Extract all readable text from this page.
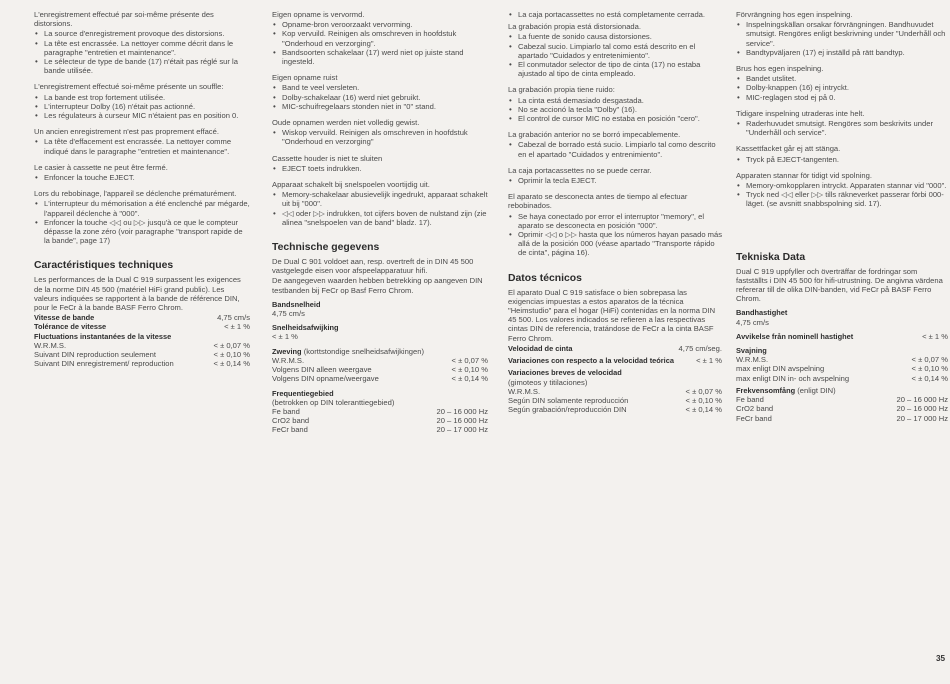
L'enregistrement effectué par soi-même présente des distorsions.

• La source d'enregistrement provoque des distorsions.

• La tête est encrassée. La nettoyer comme décrit dans le paragraphe "entretien et maintenance".

• Le sélecteur de type de bande (17) n'était pas réglé sur la bande utilisée.

L'enregistrement effectué soi-même présente un souffle:

• La bande est trop fortement utilisée.

• L'interrupteur Dolby (16) n'était pas actionné.

• Les régulateurs à curseur MIC n'étaient pas en position 0.

Un ancien enregistrement n'est pas proprement effacé.

• La tête d'effacement est encrassée. La nettoyer comme indiqué dans le paragraphe "entretien et maintenance".

Le casier à cassette ne peut être fermé.

• Enfoncer la touche EJECT.

Lors du rebobinage, l'appareil se déclenche prématurément.

• L'interrupteur du mémorisation a été enclenché par mégarde, l'appareil déclenche à "000".

• Enfoncer la touche ◁◁ ou ▷▷ jusqu'à ce que le compteur dépasse la zone zéro (voir paragraphe "transport rapide de la bande", page 17)

Caractéristiques techniques

Les performances de la Dual C 919 surpassent les exigences de la norme DIN 45 500 (matériel HiFi grand public). Les valeurs indiquées se rapportent à la bande de référence DIN, pour le FeCr à la bande BASF Ferro Chrom.

Vitesse de bande	4,75 cm/s
Tolérance de vitesse	< ± 1 %
Fluctuations instantanées de la vitesse
W.R.M.S.	< ± 0,07 %
Suivant DIN reproduction seulement	< ± 0,10 %
Suivant DIN enregistrement/ reproduction	< ± 0,14 %

Eigen opname is vervormd.

• Opname-bron veroorzaakt vervorming.

• Kop vervuild. Reinigen als omschreven in hoofdstuk "Onderhoud en verzorging".

• Bandsoorten schakelaar (17) werd niet op juiste stand ingesteld.

Eigen opname ruist

• Band te veel versleten.

• Dolby-schakelaar (16) werd niet gebruikt.

• MIC-schuifregelaars stonden niet in "0" stand.

Oude opnamen werden niet volledig gewist.

• Wiskop vervuild. Reinigen als omschreven in hoofdstuk "Onderhoud en verzorging"

Cassette houder is niet te sluiten

• EJECT toets indrukken.

Apparaat schakelt bij snelspoelen voortijdig uit.

• Memory-schakelaar abusievelijk ingedrukt, apparaat schakelt uit bij "000".

• ◁◁ oder ▷▷ indrukken, tot cijfers boven de nulstand zijn (zie alinea "snelspoelen van de band" bladz. 17).

Technische gegevens

De Dual C 901 voldoet aan, resp. overtreft de in DIN 45 500 vastgelegde eisen voor afspeelapparatuur hifi.

De aangegeven waarden hebben betrekking op aangeven DIN testbanden bij FeCr op Basf Ferro Chrom.

Bandsnelheid
4,75 cm/s
Snelheidsafwijking
< ± 1 %
Zweving (korttstondige snelheidsafwijkingen)
W.R.M.S.	< ± 0,07 %
Volgens DIN alleen weergave	< ± 0,10 %
Volgens DIN opname/weergave	< ± 0,14 %
Frequentiegebied
(betrokken op DIN toleranttiegebied)
Fe band	20 – 16 000 Hz
CrO2 band	20 – 16 000 Hz
FeCr band	20 – 17 000 Hz

• La caja portacassettes no está completamente cerrada.

La grabación propia está distorsionada.

• La fuente de sonido causa distorsiones.

• Cabezal sucio. Limpiarlo tal como está descrito en el apartado "Cuidados y entretenimiento".

• El conmutador selector de tipo de cinta (17) no estaba ajustado al tipo de cinta empleado.

La grabación propia tiene ruido:

• La cinta está demasiado desgastada.

• No se accionó la tecla "Dolby" (16).

• El control de cursor MIC no estaba en posición "cero".

La grabación anterior no se borró impecablemente.

• Cabezal de borrado está sucio. Limpiarlo tal como descrito en el apartado "Cuidados y entrenimiento".

La caja portacassettes no se puede cerrar.

• Oprimir la tecla EJECT.

El aparato se desconecta antes de tiempo al efectuar rebobinados.

• Se haya conectado por error el interruptor "memory", el aparato se desconecta en posición "000".

• Oprimir ◁◁ o ▷▷ hasta que los números hayan pasado más allá de la posición 000 (véase apartado "Transporte rápido de cinta", página 16).

Datos técnicos

El aparato Dual C 919 satisface o bien sobrepasa las exigencias impuestas a estos aparatos de la técnica "Heimstudio" para el hogar (HiFi) contenidas en la norma DIN 45 500. Los valores indicados se refieren a las respectivas cintas DIN de referencia, tratándose de FeCr a la cinta BASF Ferro Chrom.

Velocidad de cinta	4,75 cm/seg.
Variaciones con respecto a la velocidad teórica	< ± 1 %
Variaciones breves de velocidad
(gimoteos y titilaciones)
W.R.M.S.	< ± 0,07 %
Según DIN solamente reproducción	< ± 0,10 %
Según grabación/reproducción DIN	< ± 0,14 %

Förvrängning hos egen inspelning.

• Inspelningskällan orsakar förvrängningen. Bandhuvudet smutsigt. Rengöres enligt beskrivning under "Underhåll och service".

• Bandtypväljaren (17) ej inställd på rätt bandtyp.

Brus hos egen inspelning.

• Bandet utslitet.

• Dolby-knappen (16) ej intryckt.

• MIC-reglagen stod ej på 0.

Tidigare inspelning utraderas inte helt.

• Raderhuvudet smutsigt. Rengöres som beskrivits under "Underhåll och service".

Kassettfacket går ej att stänga.

• Tryck på EJECT-tangenten.

Apparaten stannar för tidigt vid spolning.

• Memory-omkopplaren intryckt. Apparaten stannar vid "000".

• Tryck ned ◁◁ eller ▷▷ tills räkneverket passerar förbi 000-läget. (se avsnitt snabbspolning sid. 17).

Tekniska Data

Dual C 919 uppfyller och överträffar de fordringar som fastställts i DIN 45 500 för hifi-utrustning. De angivna värdena refererar till de olika DIN-banden, vid FeCr på BASF Ferro Chrom.

Bandhastighet
4,75 cm/s
Avvikelse från nominell hastighet	< ± 1 %
Svajning
W.R.M.S.	< ± 0,07 %
max enligt DIN avspelning	< ± 0,10 %
max enligt DIN in- och avspelning	< ± 0,14 %
Frekvensomfång (enligt DIN)
Fe band	20 – 16 000 Hz
CrO2 band	20 – 16 000 Hz
FeCr band	20 – 17 000 Hz
35
